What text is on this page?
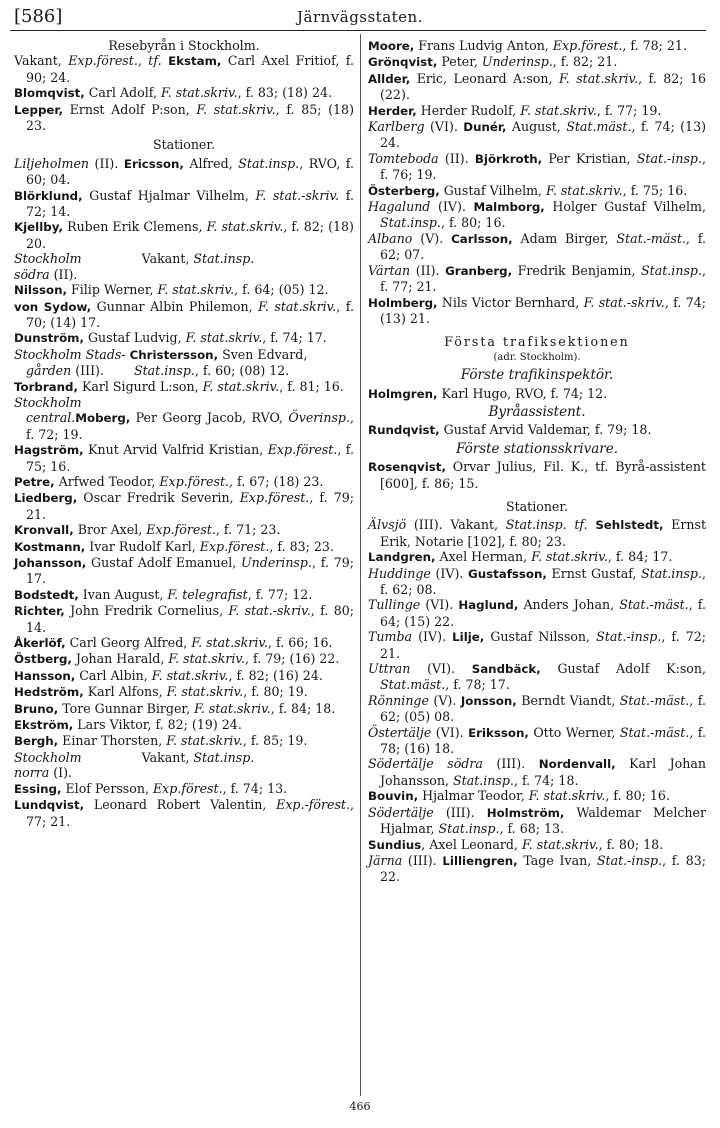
[586]	Järnvägsstaten.
Resebyrån i Stockholm.
Vakant, Exp.förest., tf. Ekstam, Carl Axel Fritiof, f. 90; 24.
Blomqvist, Carl Adolf, F. stat.skriv., f. 83; (18) 24.
Lepper, Ernst Adolf P:son, F. stat.skriv., f. 85; (18) 23.
Stationer.
Liljeholmen (II). Ericsson, Alfred, Stat.insp., RVO, f. 60; 04.
Blörklund, Gustaf Hjalmar Vilhelm, F. stat.-skriv. f. 72; 14.
Kjellby, Ruben Erik Clemens, F. stat.skriv., f. 82; (18) 20.
Stockholm	Vakant, Stat.insp.
södra (II).
Nilsson, Filip Werner, F. stat.skriv., f. 64; (05) 12.
von Sydow, Gunnar Albin Philemon, F. stat.skriv., f. 70; (14) 17.
Dunström, Gustaf Ludvig, F. stat.skriv., f. 74; 17.
Stockholm Stads- Christersson, Sven Edvard,
gården (III). Stat.insp., f. 60; (08) 12.
Torbrand, Karl Sigurd L:son, F. stat.skriv., f. 81; 16.
Stockholm
central.Moberg, Per Georg Jacob, RVO, Överinsp., f. 72; 19.
Hagström, Knut Arvid Valfrid Kristian, Exp.förest., f. 75; 16.
Petre, Arfwed Teodor, Exp.förest., f. 67; (18) 23.
Liedberg, Oscar Fredrik Severin, Exp.förest., f. 79; 21.
Kronvall, Bror Axel, Exp.förest., f. 71; 23.
Kostmann, Ivar Rudolf Karl, Exp.förest., f. 83; 23.
Johansson, Gustaf Adolf Emanuel, Underinsp., f. 79; 17.
Bodstedt, Ivan August, F. telegrafist, f. 77; 12.
Richter, John Fredrik Cornelius, F. stat.-skriv., f. 80; 14.
Åkerlöf, Carl Georg Alfred, F. stat.skriv., f. 66; 16.
Östberg, Johan Harald, F. stat.skriv., f. 79; (16) 22.
Hansson, Carl Albin, F. stat.skriv., f. 82; (16) 24.
Hedström, Karl Alfons, F. stat.skriv., f. 80; 19.
Bruno, Tore Gunnar Birger, F. stat.skriv., f. 84; 18.
Ekström, Lars Viktor, f. 82; (19) 24.
Bergh, Einar Thorsten, F. stat.skriv., f. 85; 19.
Stockholm	Vakant, Stat.insp.
norra (I).
Essing, Elof Persson, Exp.förest., f. 74; 13.
Lundqvist, Leonard Robert Valentin, Exp.-förest., 77; 21.
Moore, Frans Ludvig Anton, Exp.förest., f. 78; 21.
Grönqvist, Peter, Underinsp., f. 82; 21.
Allder, Eric, Leonard A:son, F. stat.skriv., f. 82; 16 (22).
Herder, Herder Rudolf, F. stat.skriv., f. 77; 19.
Karlberg (VI). Dunér, August, Stat.mäst., f. 74; (13) 24.
Tomteboda (II). Björkroth, Per Kristian, Stat.-insp., f. 76; 19.
Österberg, Gustaf Vilhelm, F. stat.skriv., f. 75; 16.
Hagalund (IV). Malmborg, Holger Gustaf Vilhelm, Stat.insp., f. 80; 16.
Albano (V). Carlsson, Adam Birger, Stat.-mäst., f. 62; 07.
Värtan (II). Granberg, Fredrik Benjamin, Stat.insp., f. 77; 21.
Holmberg, Nils Victor Bernhard, F. stat.-skriv., f. 74; (13) 21.
Första trafiksektionen
(adr. Stockholm).
Förste trafikinspektör.
Holmgren, Karl Hugo, RVO, f. 74; 12.
Byråassistent.
Rundqvist, Gustaf Arvid Valdemar, f. 79; 18.
Förste stationsskrivare.
Rosenqvist, Orvar Julius, Fil. K., tf. Byrå-assistent [600], f. 86; 15.
Stationer.
Älvsjö (III). Vakant, Stat.insp. tf. Sehlstedt, Ernst Erik, Notarie [102], f. 80; 23.
Landgren, Axel Herman, F. stat.skriv., f. 84; 17.
Huddinge (IV). Gustafsson, Ernst Gustaf, Stat.insp., f. 62; 08.
Tullinge (VI). Haglund, Anders Johan, Stat.-mäst., f. 64; (15) 22.
Tumba (IV). Lilje, Gustaf Nilsson, Stat.-insp., f. 72; 21.
Uttran (VI). Sandbäck, Gustaf Adolf K:son, Stat.mäst., f. 78; 17.
Rönninge (V). Jonsson, Berndt Viandt, Stat.-mäst., f. 62; (05) 08.
Östertälje (VI). Eriksson, Otto Werner, Stat.-mäst., f. 78; (16) 18.
Södertälje södra (III). Nordenvall, Karl Johan Johansson, Stat.insp., f. 74; 18.
Bouvin, Hjalmar Teodor, F. stat.skriv., f. 80; 16.
Södertälje (III). Holmström, Waldemar Melcher Hjalmar, Stat.insp., f. 68; 13.
Sundius, Axel Leonard, F. stat.skriv., f. 80; 18.
Järna (III). Lilliengren, Tage Ivan, Stat.-insp., f. 83; 22.
466
